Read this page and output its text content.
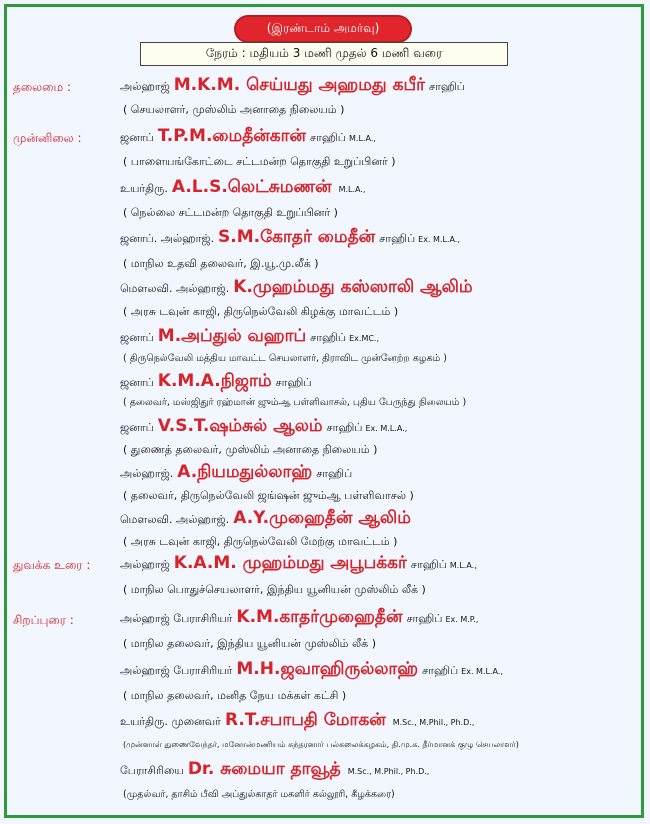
(இரண்டாம் அமர்வு)
நேரம் : மதியம் 3 மணி முதல் 6 மணி வரை
தலைமை :
முன்னிலை :
துவக்க உரை :
சிறப்புரை :
அல்ஹாஜ் M.K.M. செய்யது அஹமது கபீர் சாஹிப்
( செயலாளர், முஸ்லிம் அனாதை நிலையம் )
ஜனாப் T.P.M.மைதீன்கான் சாஹிப் M.L.A.,
( பாளையங்கோட்டை சட்டமன்ற தொகுதி உறுப்பினர் )
உயர்திரு. A.L.S.லெட்சுமணன் M.L.A.,
( நெல்லை சட்டமன்ற தொகுதி உறுப்பினர் )
ஜனாப். அல்ஹாஜ். S.M.கோதர் மைதீன் சாஹிப் Ex. M.L.A.,
( மாநில உதவி தலைவர், இ.யூ.மு.லீக் )
மௌலவி. அல்ஹாஜ். K.முஹம்மது கஸ்ஸாலி ஆலிம்
( அரசு டவுன் காஜி, திருநெல்வேலி கிழக்கு மாவட்டம் )
ஜனாப் M.அப்துல் வஹாப் சாஹிப் Ex.MC.,
( திருநெல்வேலி மத்திய மாவட்ட செயலாளர், திராவிட முன்னேற்ற கழகம் )
ஜனாப் K.M.A.நிஜாம் சாஹிப்
( தலைவர், மஸ்ஜிதுர் ரஹ்மான் ஜும்ஆ பள்ளிவாசல், புதிய பேருந்து நிலையம் )
ஜனாப் V.S.T.ஷம்சுல் ஆலம் சாஹிப் Ex. M.L.A.,
( துணைத் தலைவர், முஸ்லிம் அனாதை நிலையம் )
அல்ஹாஜ். A.நியமதுல்லாஹ் சாஹிப்
( தலைவர், திருநெல்வேலி ஜங்ஷன் ஜும்ஆ பள்ளிவாசல் )
மௌலவி. அல்ஹாஜ். A.Y.முஹைதீன் ஆலிம்
( அரசு டவுன் காஜி, திருநெல்வேலி மேற்கு மாவட்டம் )
அல்ஹாஜ் K.A.M. முஹம்மது அபூபக்கர் சாஹிப் M.L.A.,
( மாநில பொதுச்செயலாளர், இந்திய யூனியன் முஸ்லிம் லீக் )
அல்ஹாஜ் பேராசிரியர் K.M.காதர்முஹைதீன் சாஹிப் Ex. M.P.,
( மாநில தலைவர், இந்திய யூனியன் முஸ்லிம் லீக் )
அல்ஹாஜ் பேராசிரியர் M.H.ஜவாஹிருல்லாஹ் சாஹிப் Ex. M.L.A.,
( மாநில தலைவர், மனித நேய மக்கள் கட்சி )
உயர்திரு. முனைவர் R.T.சபாபதி மோகன் M.Sc., M.Phil., Ph.D.,
(முன்னாள் துணைவேந்தர், மனோன்மணியம் சுந்தரனார் பல்கலைக்கழகம், தி.மு.க. தீர்மானக் குழு செயலாளர்)
பேராசிரியை Dr. சுமையா தாவூத் M.Sc., M.Phil., Ph.D.,
(முதல்வர், தாசிம் பீவி அப்துல்காதர் மகளிர் கல்லூரி, கீழக்கரை)
